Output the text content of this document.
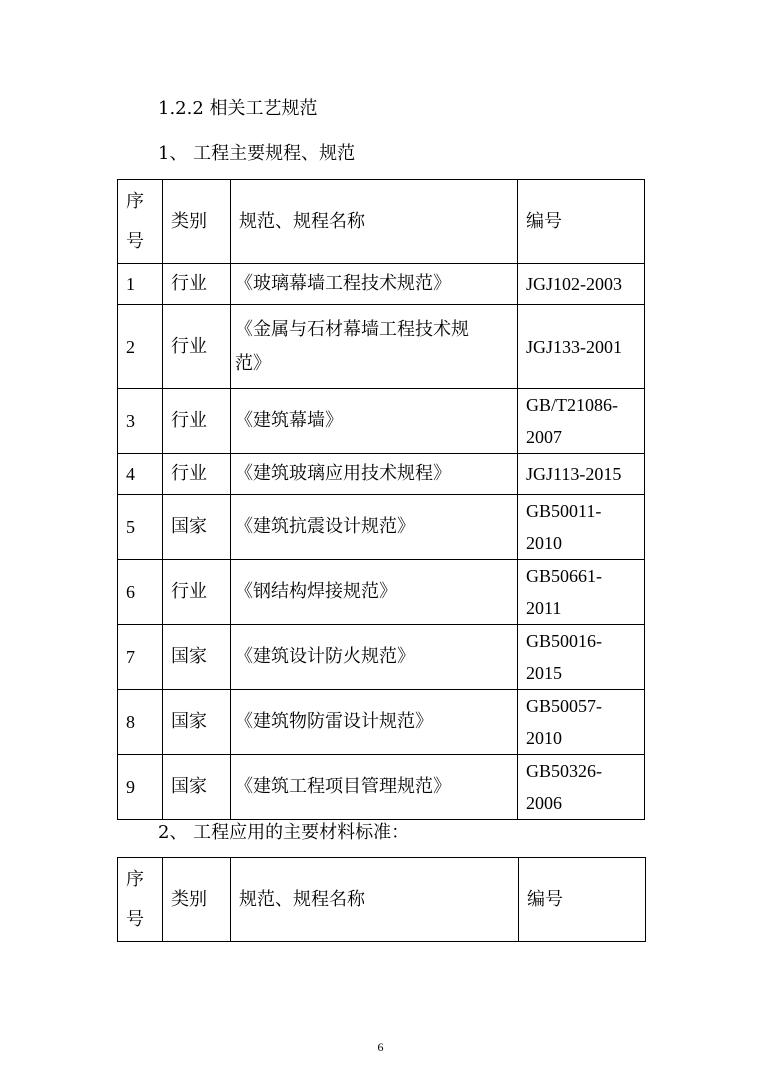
1.2.2 相关工艺规范
1、 工程主要规程、规范
序号	类别	规范、规程名称	编号
1	行业	《玻璃幕墙工程技术规范》	JGJ102-2003
2	行业	《金属与石材幕墙工程技术规范》	JGJ133-2001
3	行业	《建筑幕墙》	GB/T21086-2007
4	行业	《建筑玻璃应用技术规程》	JGJ113-2015
5	国家	《建筑抗震设计规范》	GB50011-2010
6	行业	《钢结构焊接规范》	GB50661-2011
7	国家	《建筑设计防火规范》	GB50016-2015
8	国家	《建筑物防雷设计规范》	GB50057-2010
9	国家	《建筑工程项目管理规范》	GB50326-2006
2、 工程应用的主要材料标准：
序号	类别	规范、规程名称	编号
6
